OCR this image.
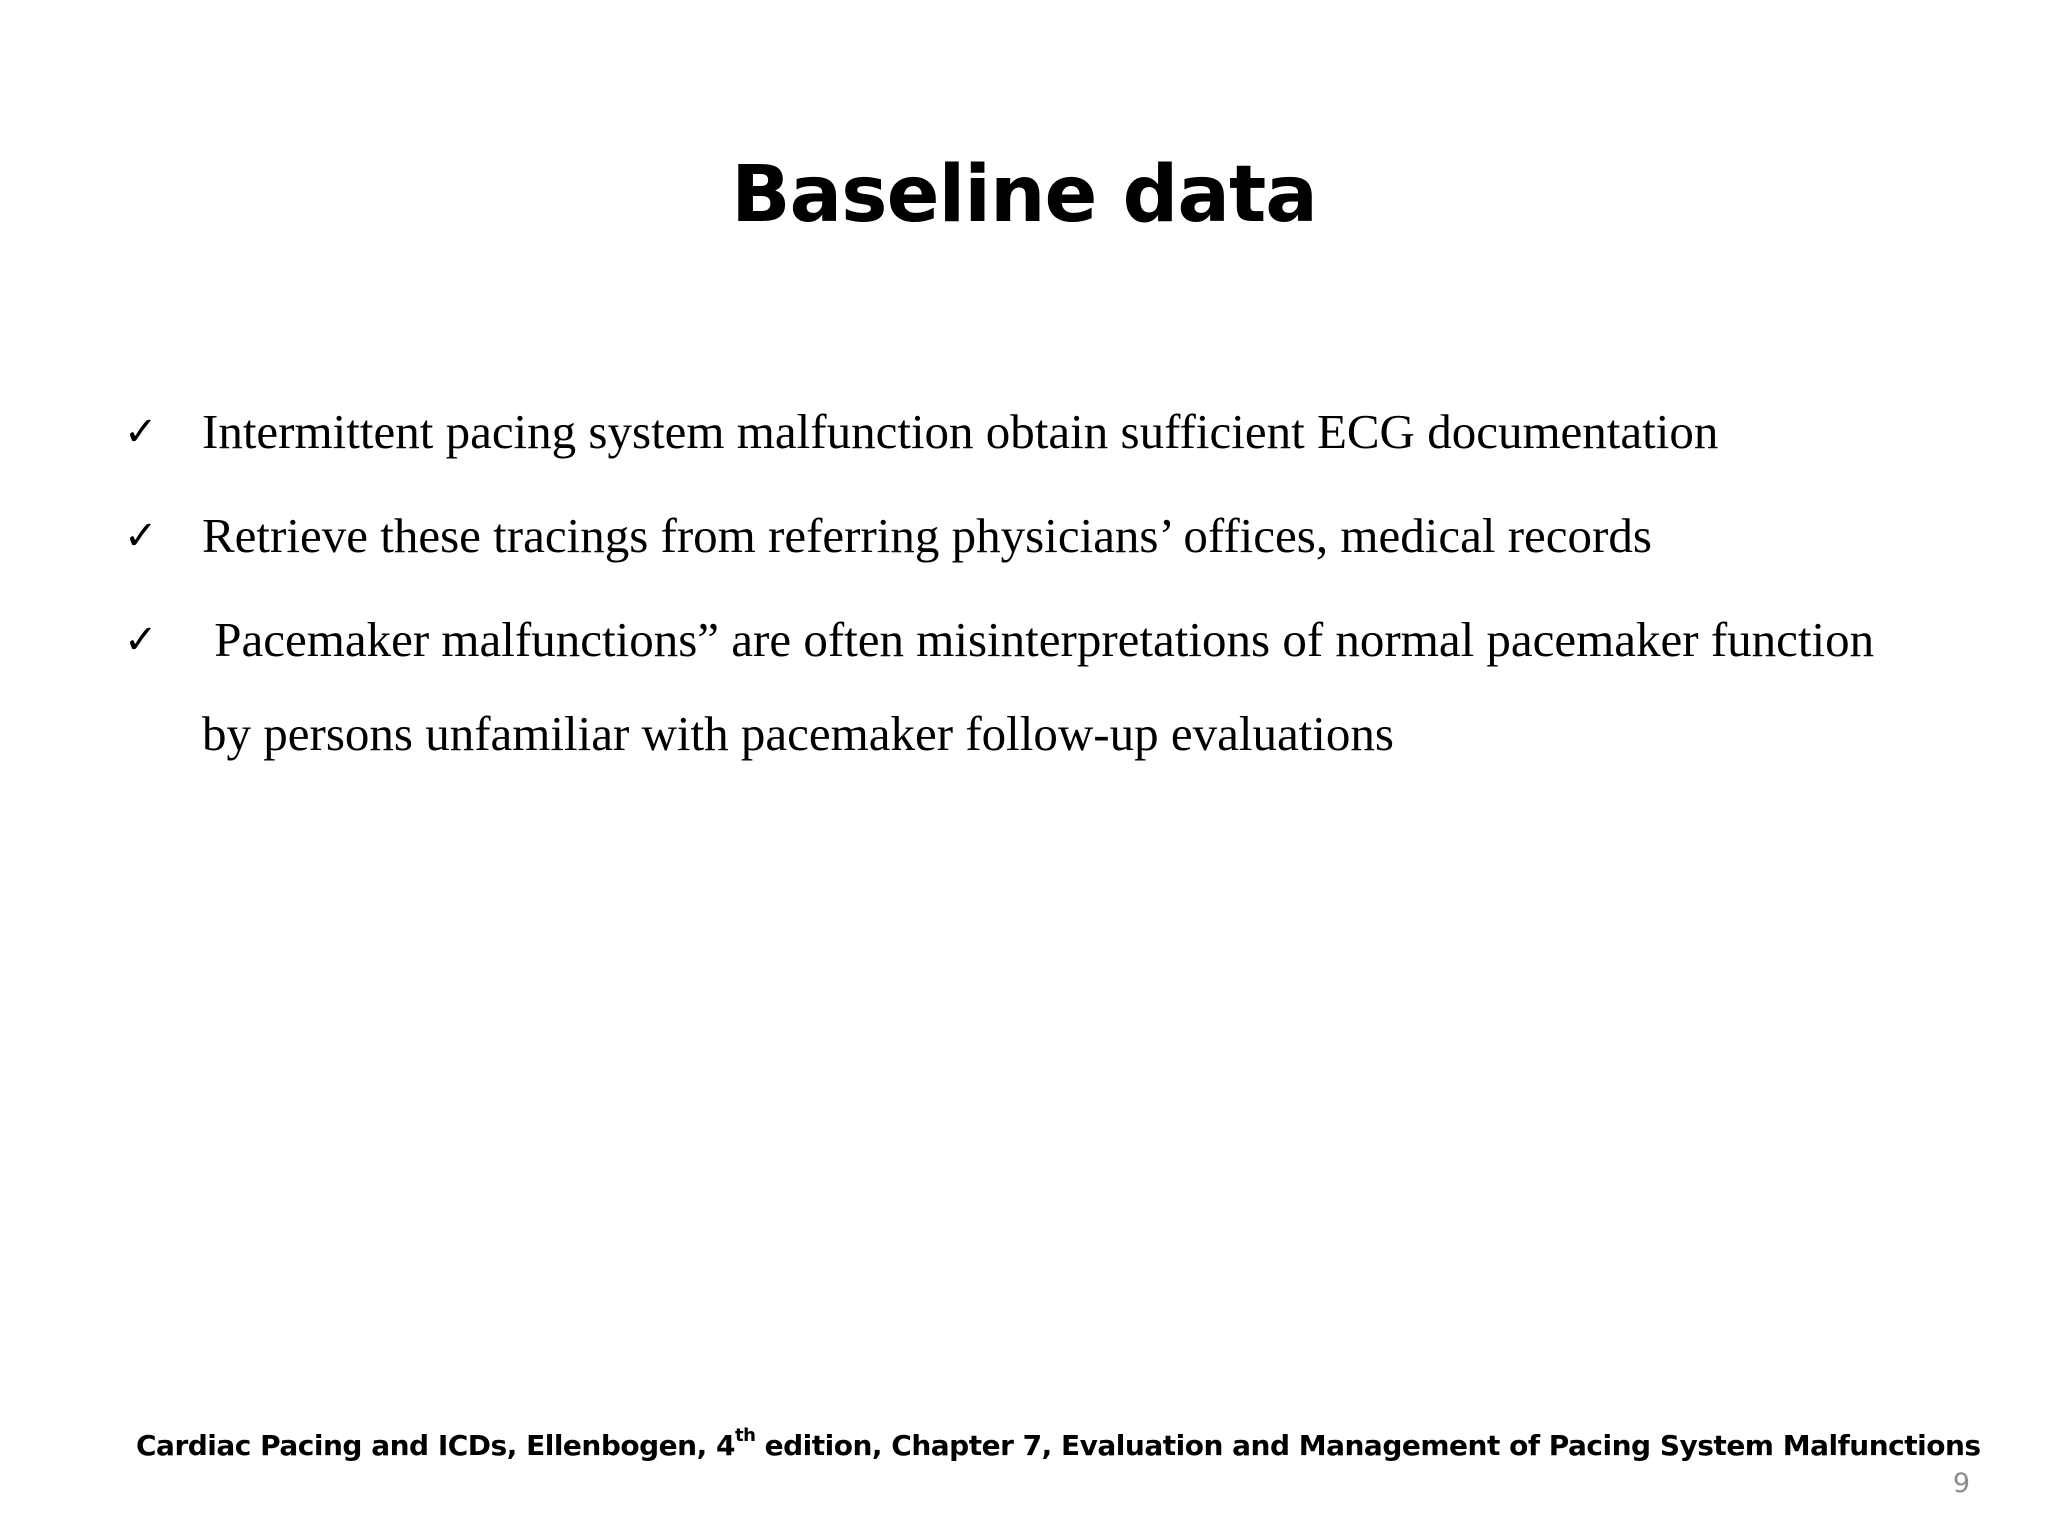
Baseline data
✓ Intermittent pacing system malfunction obtain sufficient ECG documentation
✓ Retrieve these tracings from referring physicians’ offices, medical records
✓ Pacemaker malfunctions” are often misinterpretations of normal pacemaker function by persons unfamiliar with pacemaker follow-up evaluations
Cardiac Pacing and ICDs, Ellenbogen, 4th edition, Chapter 7, Evaluation and Management of Pacing System Malfunctions
9
